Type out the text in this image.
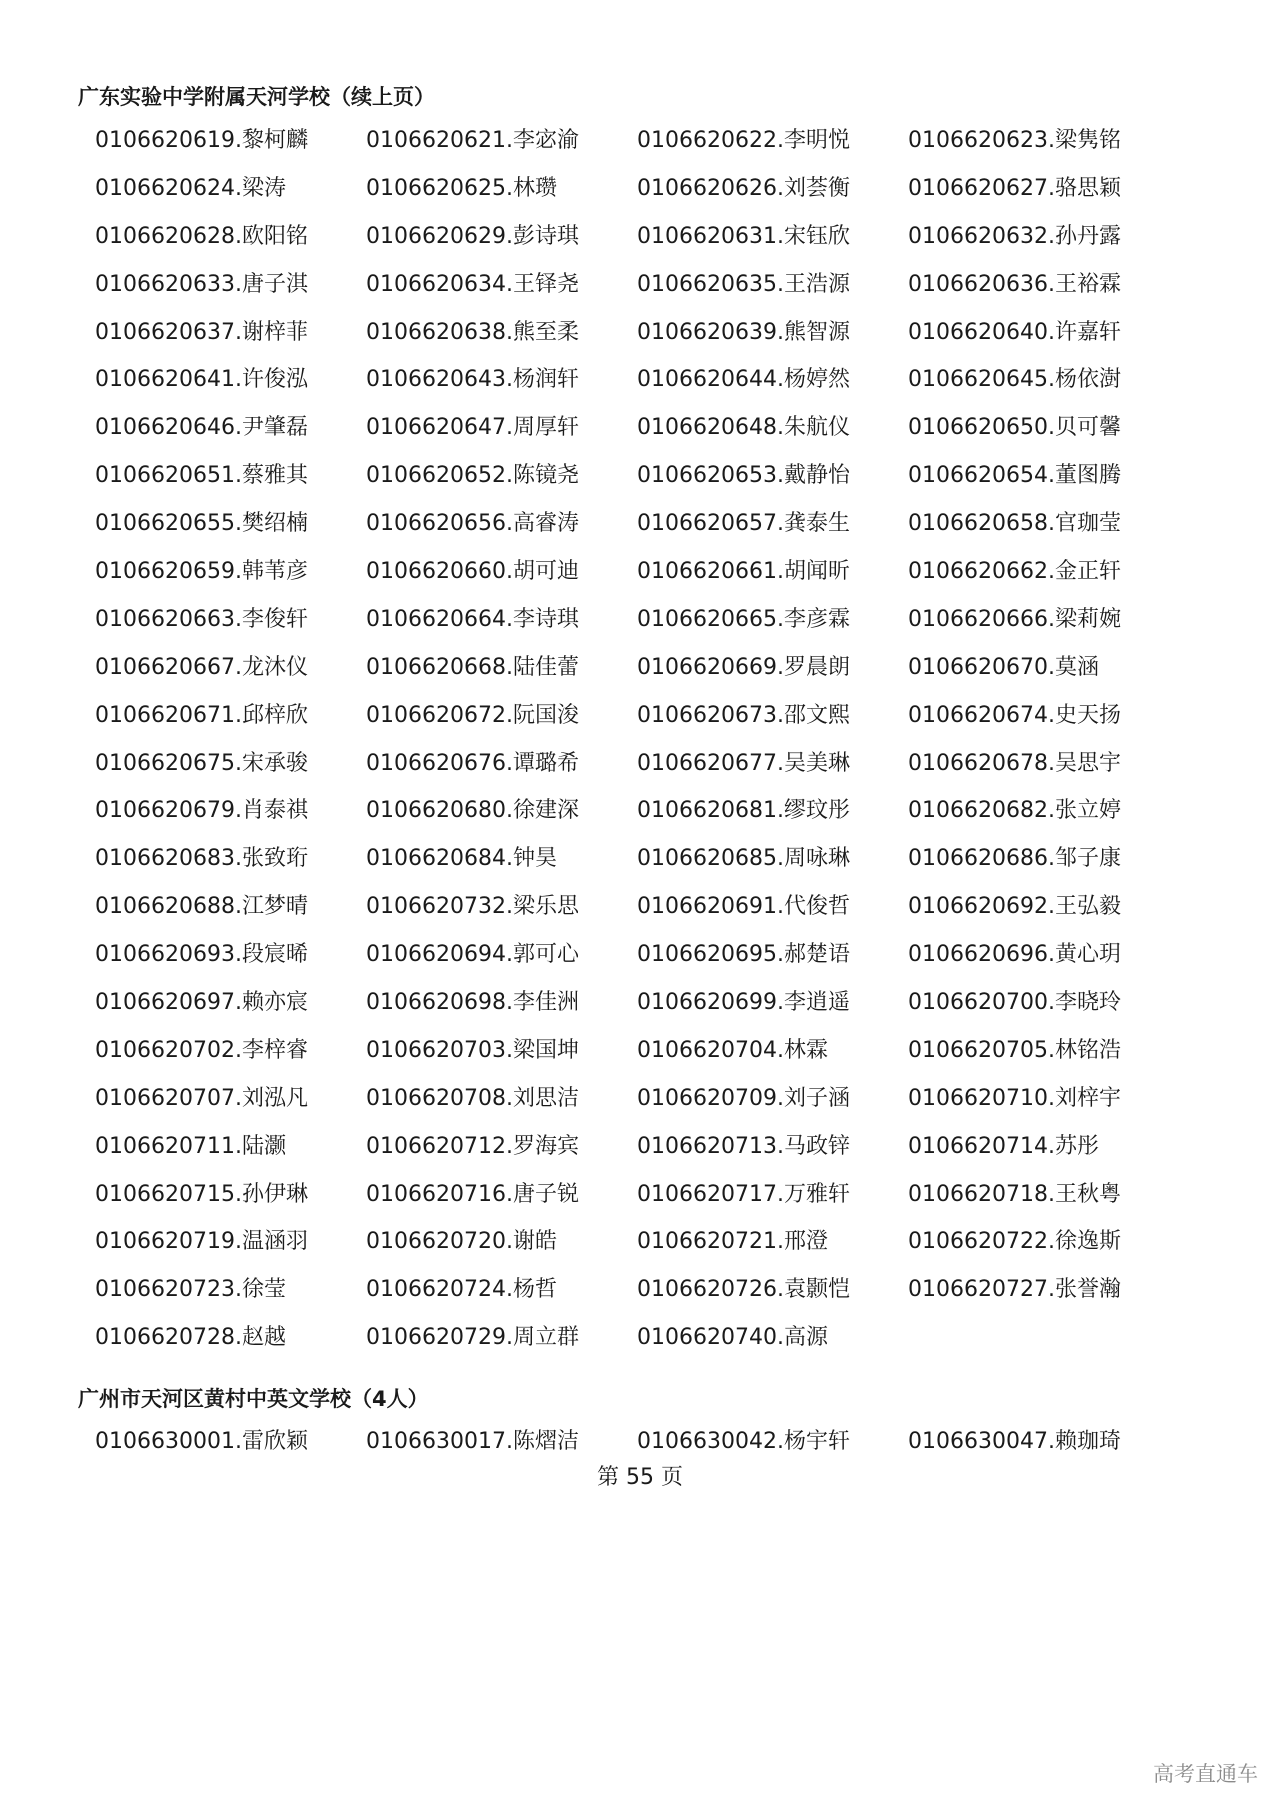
广东实验中学附属天河学校（续上页）
0106620619.黎柯麟	0106620621.李宓渝	0106620622.李明悦	0106620623.梁隽铭
0106620624.梁涛	0106620625.林瓒	0106620626.刘荟衡	0106620627.骆思颖
0106620628.欧阳铭	0106620629.彭诗琪	0106620631.宋钰欣	0106620632.孙丹露
0106620633.唐子淇	0106620634.王铎尧	0106620635.王浩源	0106620636.王裕霖
0106620637.谢梓菲	0106620638.熊至柔	0106620639.熊智源	0106620640.许嘉轩
0106620641.许俊泓	0106620643.杨润轩	0106620644.杨婷然	0106620645.杨依澍
0106620646.尹肇磊	0106620647.周厚轩	0106620648.朱航仪	0106620650.贝可馨
0106620651.蔡雅其	0106620652.陈镜尧	0106620653.戴静怡	0106620654.董图腾
0106620655.樊绍楠	0106620656.高睿涛	0106620657.龚泰生	0106620658.官珈莹
0106620659.韩苇彦	0106620660.胡可迪	0106620661.胡闻昕	0106620662.金正轩
0106620663.李俊轩	0106620664.李诗琪	0106620665.李彦霖	0106620666.梁莉婉
0106620667.龙沐仪	0106620668.陆佳蕾	0106620669.罗晨朗	0106620670.莫涵
0106620671.邱梓欣	0106620672.阮国浚	0106620673.邵文熙	0106620674.史天扬
0106620675.宋承骏	0106620676.谭璐希	0106620677.吴美琳	0106620678.吴思宇
0106620679.肖泰祺	0106620680.徐建深	0106620681.缪玟彤	0106620682.张立婷
0106620683.张致珩	0106620684.钟昊	0106620685.周咏琳	0106620686.邹子康
0106620688.江梦晴	0106620732.梁乐思	0106620691.代俊哲	0106620692.王弘毅
0106620693.段宸晞	0106620694.郭可心	0106620695.郝楚语	0106620696.黄心玥
0106620697.赖亦宸	0106620698.李佳洲	0106620699.李逍遥	0106620700.李晓玲
0106620702.李梓睿	0106620703.梁国坤	0106620704.林霖	0106620705.林铭浩
0106620707.刘泓凡	0106620708.刘思洁	0106620709.刘子涵	0106620710.刘梓宇
0106620711.陆灏	0106620712.罗海宾	0106620713.马政锌	0106620714.苏彤
0106620715.孙伊琳	0106620716.唐子锐	0106620717.万雅轩	0106620718.王秋粤
0106620719.温涵羽	0106620720.谢皓	0106620721.邢澄	0106620722.徐逸斯
0106620723.徐莹	0106620724.杨哲	0106620726.袁颢恺	0106620727.张誉瀚
0106620728.赵越	0106620729.周立群	0106620740.高源
广州市天河区黄村中英文学校（4人）
0106630001.雷欣颖	0106630017.陈熠洁	0106630042.杨宇轩	0106630047.赖珈琦
第 55 页
高考直通车
